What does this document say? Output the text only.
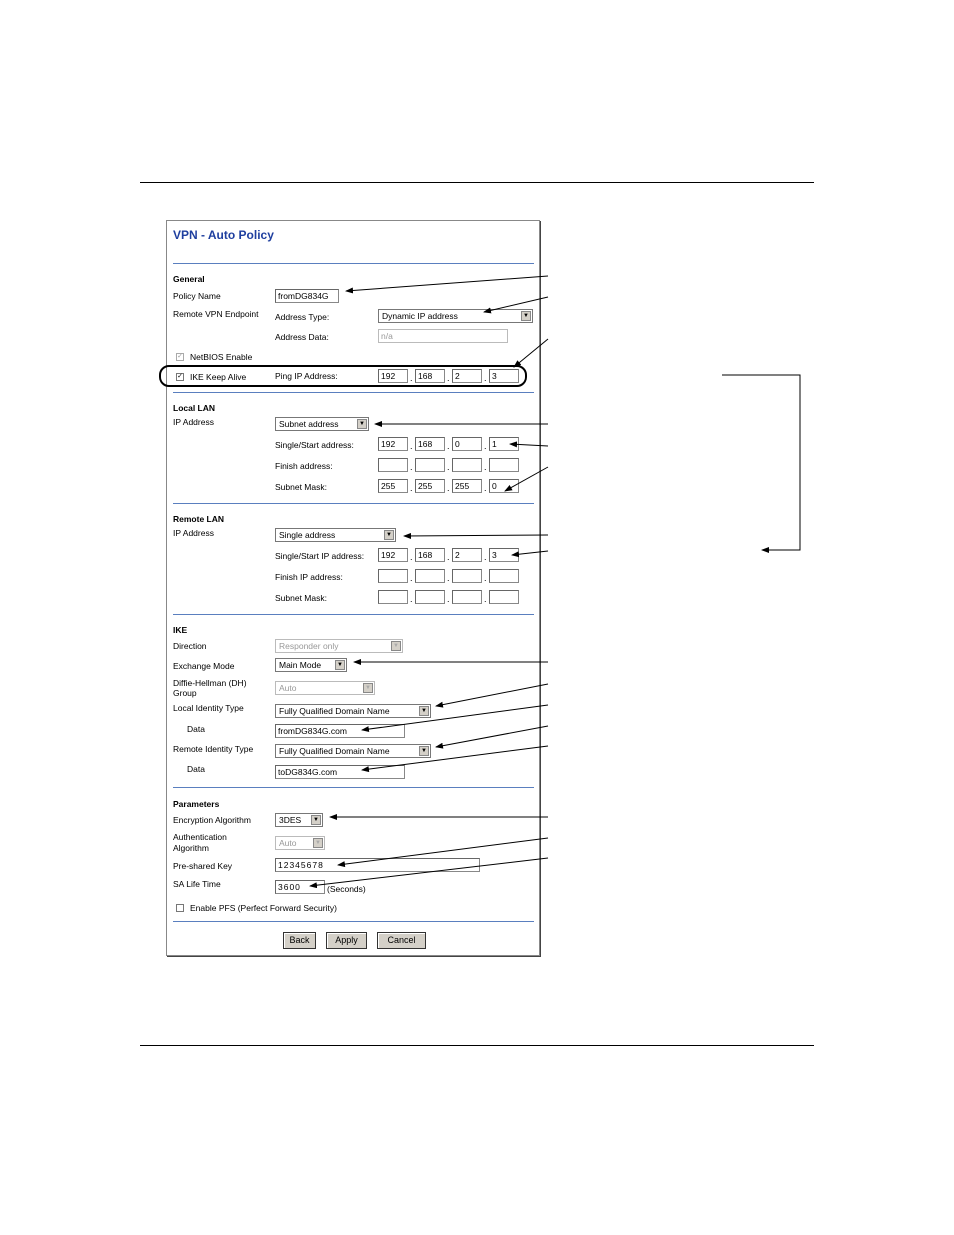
VPN - Auto Policy
General
Policy Name	fromDG834G
Remote VPN Endpoint Address Type:	Dynamic IP address	▼
Address Data:	n/a
✓ NetBIOS Enable
✓ IKE Keep Alive	Ping IP Address:	192	. 168	. 2	. 3
Local LAN
IP Address	Subnet address	▼
Single/Start address:	192	. 168	. 0	. 1
Finish address:	.	.	.
Subnet Mask:	255	. 255	. 255	. 0
Remote LAN
IP Address	Single address	▼
Single/Start IP address:	192	. 168	. 2	. 3
Finish IP address:	.	.	.
Subnet Mask:	.	.	.
IKE
Direction	Responder only	▼
Exchange Mode	Main Mode	▼
Diffie-Hellman (DH)
Group	Auto	▼
Local Identity Type	Fully Qualified Domain Name	▼
Data	fromDG834G.com
Remote Identity Type	Fully Qualified Domain Name	▼
Data	toDG834G.com
Parameters
Encryption Algorithm	3DES	▼
Authentication
Algorithm	Auto	▼
Pre-shared Key	12345678
SA Life Time	3600	(Seconds)
Enable PFS (Perfect Forward Security)
Back	Apply	Cancel
